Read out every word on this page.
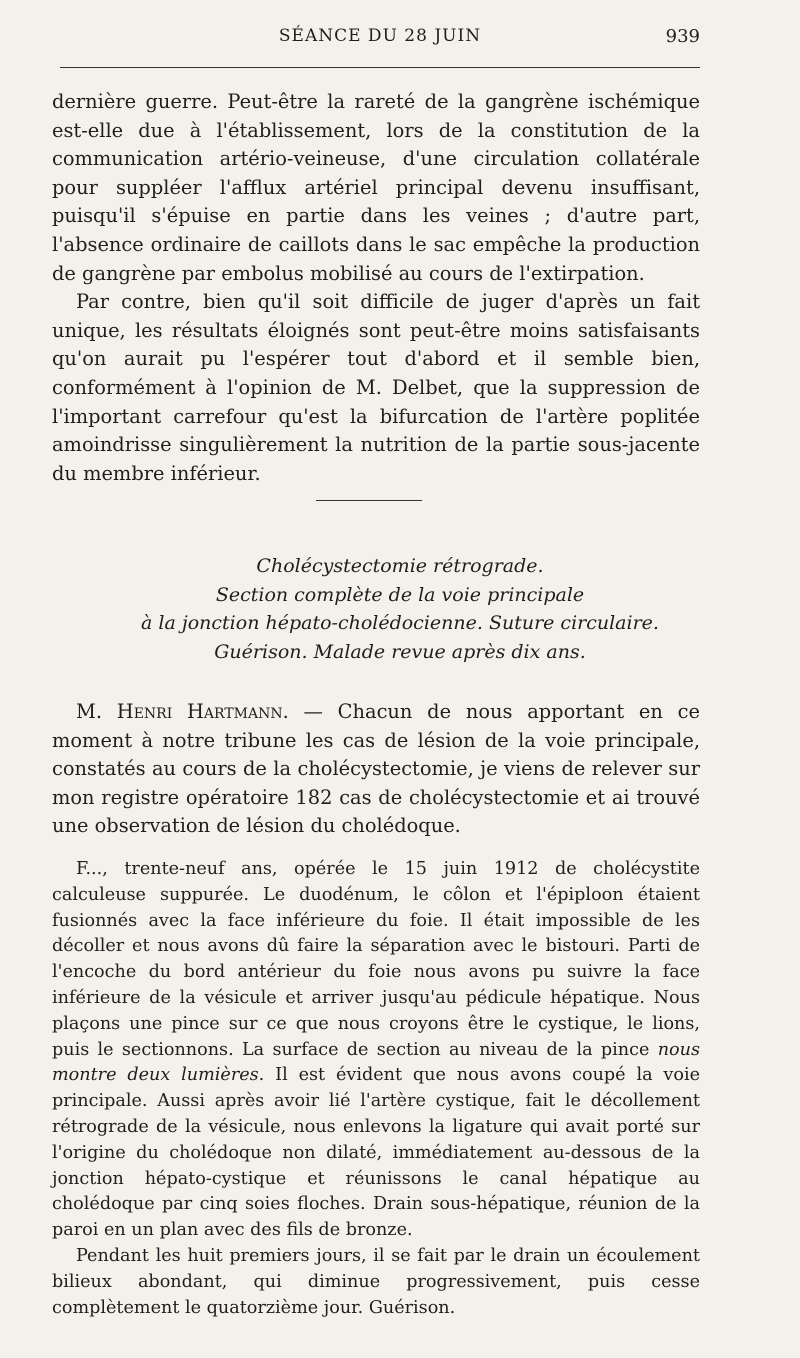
SÉANCE DU 28 JUIN	939

dernière guerre. Peut-être la rareté de la gangrène ischémique est-elle due à l'établissement, lors de la constitution de la communication artério-veineuse, d'une circulation collatérale pour suppléer l'afflux artériel principal devenu insuffisant, puisqu'il s'épuise en partie dans les veines ; d'autre part, l'absence ordinaire de caillots dans le sac empêche la production de gangrène par embolus mobilisé au cours de l'extirpation.

Par contre, bien qu'il soit difficile de juger d'après un fait unique, les résultats éloignés sont peut-être moins satisfaisants qu'on aurait pu l'espérer tout d'abord et il semble bien, conformément à l'opinion de M. Delbet, que la suppression de l'important carrefour qu'est la bifurcation de l'artère poplitée amoindrisse singulièrement la nutrition de la partie sous-jacente du membre inférieur.

Cholécystectomie rétrograde.
Section complète de la voie principale
à la jonction hépato-cholédocienne. Suture circulaire.
Guérison. Malade revue après dix ans.

M. Henri Hartmann. — Chacun de nous apportant en ce moment à notre tribune les cas de lésion de la voie principale, constatés au cours de la cholécystectomie, je viens de relever sur mon registre opératoire 182 cas de cholécystectomie et ai trouvé une observation de lésion du cholédoque.

F..., trente-neuf ans, opérée le 15 juin 1912 de cholécystite calculeuse suppurée. Le duodénum, le côlon et l'épiploon étaient fusionnés avec la face inférieure du foie. Il était impossible de les décoller et nous avons dû faire la séparation avec le bistouri. Parti de l'encoche du bord antérieur du foie nous avons pu suivre la face inférieure de la vésicule et arriver jusqu'au pédicule hépatique. Nous plaçons une pince sur ce que nous croyons être le cystique, le lions, puis le sectionnons. La surface de section au niveau de la pince nous montre deux lumières. Il est évident que nous avons coupé la voie principale. Aussi après avoir lié l'artère cystique, fait le décollement rétrograde de la vésicule, nous enlevons la ligature qui avait porté sur l'origine du cholédoque non dilaté, immédiatement au-dessous de la jonction hépato-cystique et réunissons le canal hépatique au cholédoque par cinq soies floches. Drain sous-hépatique, réunion de la paroi en un plan avec des fils de bronze.

Pendant les huit premiers jours, il se fait par le drain un écoulement bilieux abondant, qui diminue progressivement, puis cesse complètement le quatorzième jour. Guérison.
